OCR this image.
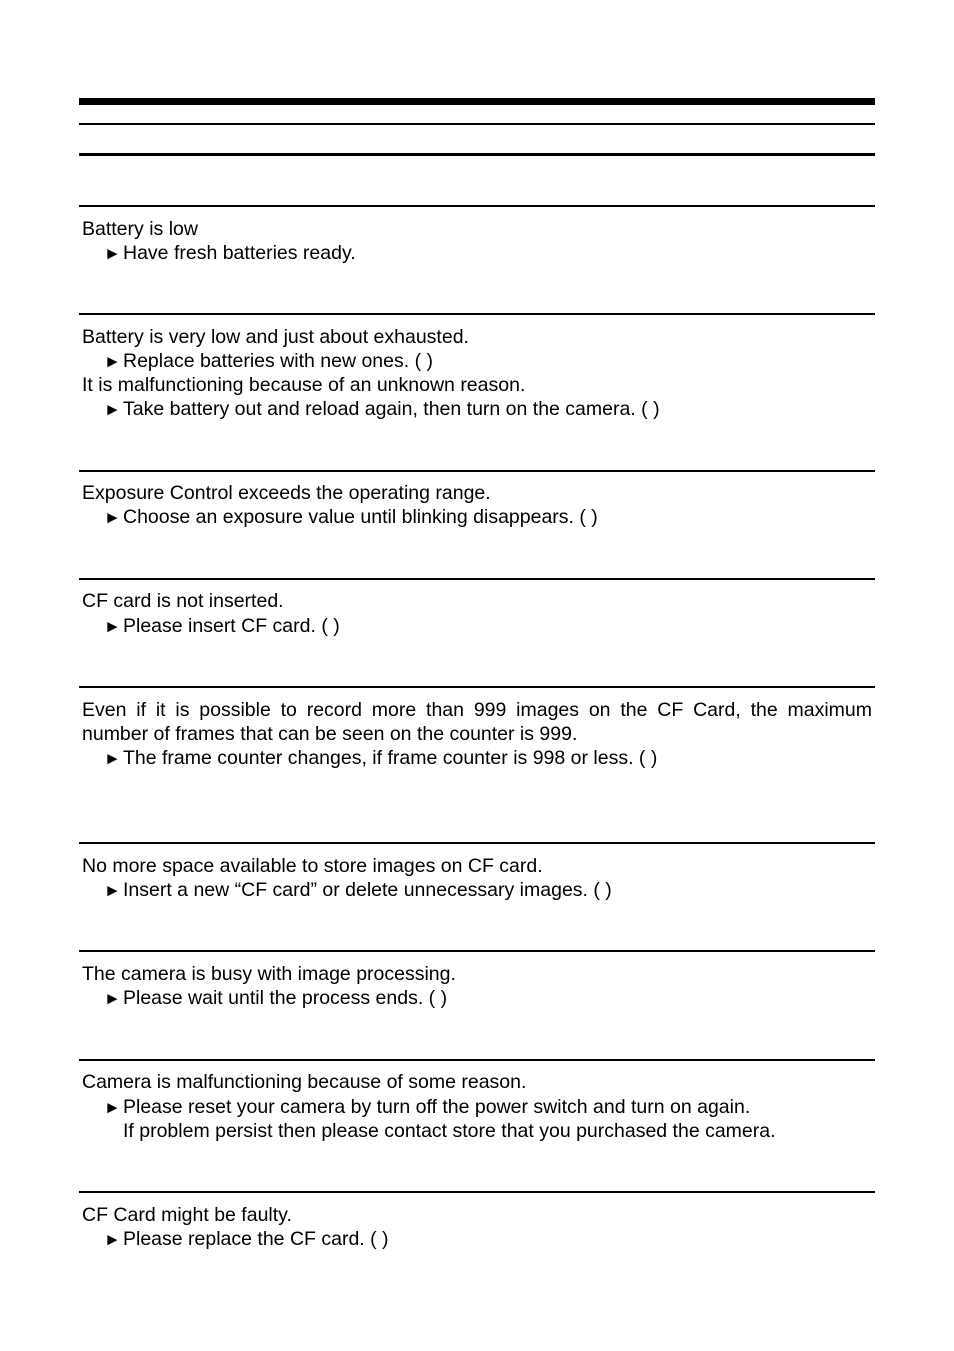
Battery is low
► Have fresh batteries ready.
Battery is very low and just about exhausted.
► Replace batteries with new ones. ( )
It is malfunctioning because of an unknown reason.
► Take battery out and reload again, then turn on the camera. ( )
Exposure Control exceeds the operating range.
► Choose an exposure value until blinking disappears. ( )
CF card is not inserted.
► Please insert CF card. ( )
Even if it is possible to record more than 999 images on the CF Card, the maximum
number of frames that can be seen on the counter is 999.
► The frame counter changes, if frame counter is 998 or less. ( )
No more space available to store images on CF card.
► Insert a new “CF card” or delete unnecessary images. ( )
The camera is busy with image processing.
► Please wait until the process ends. ( )
Camera is malfunctioning because of some reason.
► Please reset your camera by turn off the power switch and turn on again.
If problem persist then please contact store that you purchased the camera.
CF Card might be faulty.
► Please replace the CF card. ( )
